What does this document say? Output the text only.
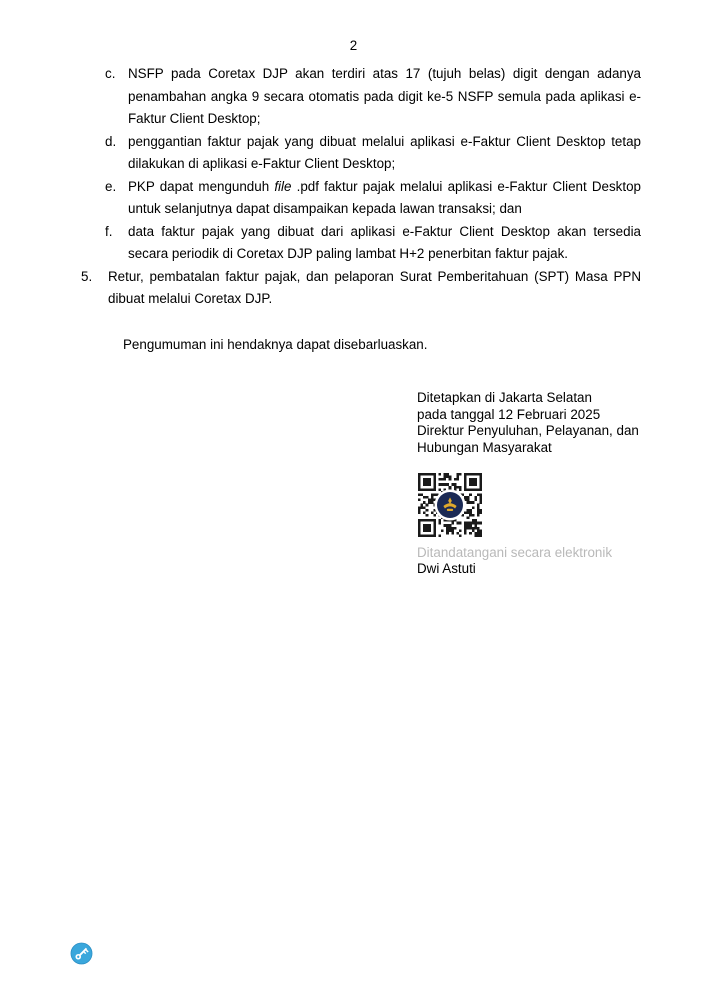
2
c. NSFP pada Coretax DJP akan terdiri atas 17 (tujuh belas) digit dengan adanya penambahan angka 9 secara otomatis pada digit ke-5 NSFP semula pada aplikasi e-Faktur Client Desktop;
d. penggantian faktur pajak yang dibuat melalui aplikasi e-Faktur Client Desktop tetap dilakukan di aplikasi e-Faktur Client Desktop;
e. PKP dapat mengunduh file .pdf faktur pajak melalui aplikasi e-Faktur Client Desktop untuk selanjutnya dapat disampaikan kepada lawan transaksi; dan
f. data faktur pajak yang dibuat dari aplikasi e-Faktur Client Desktop akan tersedia secara periodik di Coretax DJP paling lambat H+2 penerbitan faktur pajak.
5. Retur, pembatalan faktur pajak, dan pelaporan Surat Pemberitahuan (SPT) Masa PPN dibuat melalui Coretax DJP.
Pengumuman ini hendaknya dapat disebarluaskan.
Ditetapkan di Jakarta Selatan
pada tanggal 12 Februari 2025
Direktur Penyuluhan, Pelayanan, dan
Hubungan Masyarakat
Ditandatangani secara elektronik
Dwi Astuti
